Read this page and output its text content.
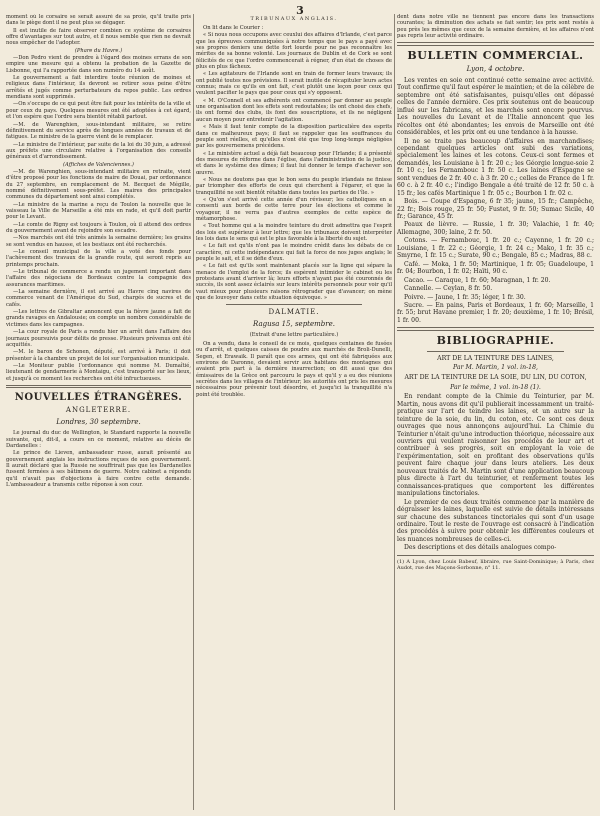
3

moment où le corsaire se serait assuré de sa proie, qu'il traite pris dans le piège dont il ne peut plus se dégager.

Il est inutile de faire observer combien ce système de corsaires offre d'avantages sur tout autre, et il nous semble que rien ne devrait nous empêcher de l'adopter.

(Phare du Havre.)

—Don Pedro vient de prendre à l'égard des moines errans de son empire une mesure qui a obtenu la probation de la Gazette de Lisbonne, qui l'a rapportée dans son numéro du 14 août.

Le gouvernement a fait interdire toute réunion de moines et religieux dans l'intérieur, ils devront se retirer sous peine d'être arrêtés et jugés comme perturbateurs du repos public. Les ordres mendians sont supprimés.

—On s'occupe de ce qui peut être fait pour les intérêts de la ville et pour ceux du pays. Quelques mesures ont été adoptées à cet égard, et l'on espère que l'ordre sera bientôt rétabli partout.

—M. de Warenghien, sous-intendant militaire, se retire définitivement du service après de longues années de travaux et de fatigues. Le ministre de la guerre vient de le remplacer.

—Le ministre de l'intérieur, par suite de la loi du 30 juin, a adressé aux préfets une circulaire relative à l'organisation des conseils généraux et d'arrondissement.

(Affiches de Valenciennes.)

—M. de Warenghien, sous-intendant militaire en retraite, vient d'être proposé pour les fonctions de maire de Douai, par ordonnance du 27 septembre, en remplacement de M. Becquet de Mégille, nommé définitivement sous-préfet. Les maires des principales communes du département sont ainsi complétés.

—Le ministre de la marine a reçu de Toulon la nouvelle que le vaisseau la Ville de Marseille a été mis en rade, et qu'il doit partir pour le Levant.

—Le comte de Rigny est toujours à Toulon, où il attend des ordres du gouvernement avant de rejoindre son escadre.

—Nos marchés ont été très animés la semaine dernière; les grains se sont vendus en hausse, et les bestiaux ont été recherchés.

—Le conseil municipal de la ville a voté des fonds pour l'achèvement des travaux de la grande route, qui seront repris au printemps prochain.

—Le tribunal de commerce a rendu un jugement important dans l'affaire des négocians de Bordeaux contre la compagnie des assurances maritimes.

—La semaine dernière, il est arrivé au Havre cinq navires de commerce venant de l'Amérique du Sud, chargés de sucres et de cafés.

—Les lettres de Gibraltar annoncent que la fièvre jaune a fait de grands ravages en Andalousie; on compte un nombre considérable de victimes dans les campagnes.

—La cour royale de Paris a rendu hier un arrêt dans l'affaire des journaux poursuivis pour délits de presse. Plusieurs prévenus ont été acquittés.

—M. le baron de Schonen, député, est arrivé à Paris; il doit présenter à la chambre un projet de loi sur l'organisation municipale.

—Le Moniteur publie l'ordonnance qui nomme M. Dumaîtié, lieutenant de gendarmerie à Montaigu, c'est transporté sur les lieux, et jusqu'à ce moment les recherches ont été infructueuses.

NOUVELLES ÉTRANGÈRES.
ANGLETERRE.
Londres, 30 septembre.

Le journal du duc de Wellington, le Standard rapporte la nouvelle suivante, qui, dit-il, a cours en ce moment, relative au décès de Dardanelles :

Le prince de Lieven, ambassadeur russe, aurait présenté au gouvernement anglais les instructions reçues de son gouvernement. Il aurait déclaré que la Russie ne souffrirait pas que les Dardanelles fussent fermées à ses bâtimens de guerre. Notre cabinet a répondu qu'il n'avait pas d'objections à faire contre cette demande. L'ambassadeur a transmis cette réponse à son cour.

TRIBUNAUX ANGLAIS.

On lit dans le Courier :

« Si nous nous occupons avec ceuxlui des affaires d'Irlande, c'est parce que les épreuves communiquées à notre temps que le pays a payé avec ses propres deniers une dette fort lourde pour ne pas reconnaître les mérites de sa bonne volonté. Les journaux de Dublin et de Cork se sont félicités de ce que l'ordre commencerait à régner, d'un état de choses de plus en plus fâcheux.

« Les agitateurs de l'Irlande sont en train de former leurs travaux; ils ont publié toutes nos prévisions. Il serait inutile de récapituler leurs actes connus; mais ce qu'ils en ont fait, c'est plutôt une leçon pour ceux qui veulent pacifier le pays que pour ceux qui s'y opposent.

« M. O'Connell et ses adhérents ont commencé par donner au peuple une organisation dont les effets sont redoutables; ils ont choisi des chefs, ils ont formé des clubs, ils font des souscriptions, et ils ne négligent aucun moyen pour entretenir l'agitation.

« Mais il faut tenir compte de la disposition particulière des esprits dans ce malheureux pays; il faut se rappeler que les souffrances du peuple sont réelles, et qu'elles n'ont été que trop long-temps négligées par les gouvernemens précédens.

« Le ministère actuel a déjà fait beaucoup pour l'Irlande; il a présenté des mesures de réforme dans l'église, dans l'administration de la justice, et dans le système des dîmes; il faut lui donner le temps d'achever son œuvre.

« Nous ne doutons pas que le bon sens du peuple irlandais ne finisse par triompher des efforts de ceux qui cherchent à l'égarer, et que la tranquillité ne soit bientôt rétablie dans toutes les parties de l'île. »

« Qu'on s'est arrivé cette année d'un réviseur; les catholiques en a consenti aux bords de cette terre pour les élections et comme le voyageur, il ne verra pas d'autres exemples de cette espèce de métamorphose.

« Tout homme qui a la moindre teinture du droit admettra que l'esprit des lois est supérieur à leur lettre; que les tribunaux doivent interpréter les lois dans le sens qui est le plus favorable à la liberté du sujet.

« Le fait est qu'ils n'ont pas le moindre crédit dans les débats de ce caractère, ni cette indépendance qui fait la force de nos juges anglais; le peuple le sait, et il se défie d'eux.

« Le fait est qu'ils sont maintenant placés sur la ligne qui sépare la menace de l'emploi de la force; ils espèrent intimider le cabinet ou les protestans avant d'arriver là; leurs efforts n'ayant pas été couronnés de succès, ils sont assez éclairés sur leurs intérêts personnels pour voir qu'il vaut mieux pour plusieurs raisons rétrograder que d'avancer; on mène que de louvoyer dans cette situation équivoque. »

DALMATIE.
Ragusa 15, septembre.
(Extrait d'une lettre particulière.)

On a vendu, dans le conseil de ce mois, quelques centaines de fusées ou d'arrêt, et quelques caisses de poudre aux marchés de Broli-Dunelli, Segen, et Erawaik. Il paraît que ces armes, qui ont été fabriquées aux environs de Daronne, devaient servir aux habitans des montagnes qui avaient pris part à la dernière insurrection; on dit aussi que des émissaires de la Grèce ont parcouru le pays et qu'il y a eu des réunions secrètes dans les villages de l'intérieur; les autorités ont pris les mesures nécessaires pour prévenir tout désordre, et jusqu'ici la tranquillité n'a point été troublée.

dent dans notre ville ne tiennent pas encore dans les transactions courantes; la diminution des achats se fait sentir; les prix sont restés à peu près les mêmes que ceux de la semaine dernière, et les affaires n'ont pas repris leur activité ordinaire.

BULLETIN COMMERCIAL.
Lyon, 4 octobre.

Les ventes en soie ont continué cette semaine avec activité. Tout confirme qu'il faut espérer le maintien; et de la célèbre de septembre ont été satisfaisantes, puisqu'elles ont dépassé celles de l'année dernière. Ces prix soutenus ont de beaucoup influé sur les fabricans, et les marchés sont encore pourvus. Les nouvelles du Levant et de l'Italie annoncent que les récoltes ont été abondantes; les envois de Marseille ont été considérables, et les prix ont eu une tendance à la hausse.

Il ne se traite pas beaucoup d'affaires en marchandises; cependant quelques articles ont subi des variations, spécialement les laines et les cotons. Ceux-ci sont fermes et demandés, les Louisiane à 1 fr. 20 c.; les Géorgie longue-soie 2 fr. 10 c.; les Fernambouc 1 fr. 50 c. Les laines d'Espagne se sont vendues de 2 fr. 40 c. à 3 fr. 20 c.; celles de France de 1 fr. 60 c. à 2 fr. 40 c.; l'indigo Bengale a été traité de 12 fr. 50 c. à 15 fr.; les cafés Martinique 1 fr. 05 c.; Bourbon 1 fr. 02 c.

Bois. — Coupe d'Espagne, 6 fr 35; jaune, 15 fr.; Campêche, 22 fr.; Bois rouge, 25 fr. 50; Fustet, 9 fr. 50; Sumac Sicile, 40 fr.; Garance, 45 fr.

Peaux de lièvre. — Russie, 1 fr. 30; Valachie, 1 fr. 40; Allemagne, 300; laine, 2 fr. 50.

Cotons. — Fernambouc, 1 fr. 20 c.; Cayenne, 1 fr. 20 c.; Louisiane, 1 fr. 22 c.; Géorgie, 1 fr. 24 c.; Mako, 1 fr. 35 c.; Smyrne, 1 fr. 15 c.; Surate, 90 c.; Bengale, 85 c.; Madras, 88 c.

Café. — Moka, 1 fr. 50; Martinique, 1 fr. 05; Guadeloupe, 1 fr. 04; Bourbon, 1 fr. 02; Haïti, 90 c.

Cacao. — Caraque, 1 fr. 60; Maragnan, 1 fr. 20.

Cannelle. — Ceylan, 8 fr. 50.

Poivre. — Jaune, 1 fr. 35; léger, 1 fr. 30.

Sucre. — En pains, Paris et Bordeaux, 1 fr. 60; Marseille, 1 fr. 55; brut Havane premier, 1 fr. 20; deuxième, 1 fr. 10; Brésil, 1 fr. 00.

BIBLIOGRAPHIE.
ART DE LA TEINTURE DES LAINES,
Par M. Martin, 1 vol. in-18,
ART DE LA TEINTURE DE LA SOIE, DU LIN, DU COTON,
Par le même, 1 vol. in-18 (1).

En rendant compte de la Chimie du Teinturier, par M. Martin, nous avons dit qu'il publierait incessamment un traité-pratique sur l'art de teindre les laines, et un autre sur la teinture de la soie, du lin, du coton, etc. Ce sont ces deux ouvrages que nous annonçons aujourd'hui. La Chimie du Teinturier n'était qu'une introduction théorique, nécessaire aux ouvriers qui veulent raisonner les procédés de leur art et contribuer à ses progrès, soit en employant la voie de l'expérimentation, soit en profitant des observations qu'ils peuvent faire chaque jour dans leurs ateliers. Les deux nouveaux traités de M. Martin sont d'une application beaucoup plus directe à l'art du teinturier, et renferment toutes les connaissances-pratiques que comportent les différentes manipulations tinctoriales.

Le premier de ces deux traités commence par la manière de dégraisser les laines, laquelle est suivie de détails intéressans sur chacune des substances tinctoriales qui sont d'un usage ordinaire. Tout le reste de l'ouvrage est consacré à l'indication des procédés à suivre pour obtenir les différentes couleurs et les nuances nombreuses de celles-ci.

Des descriptions et des détails analogues compo-

(1) A Lyon, chez Louis Babeuf, libraire, rue Saint-Dominique; à Paris, chez Audot, rue des Maçons-Sorbonne, n° 11.
